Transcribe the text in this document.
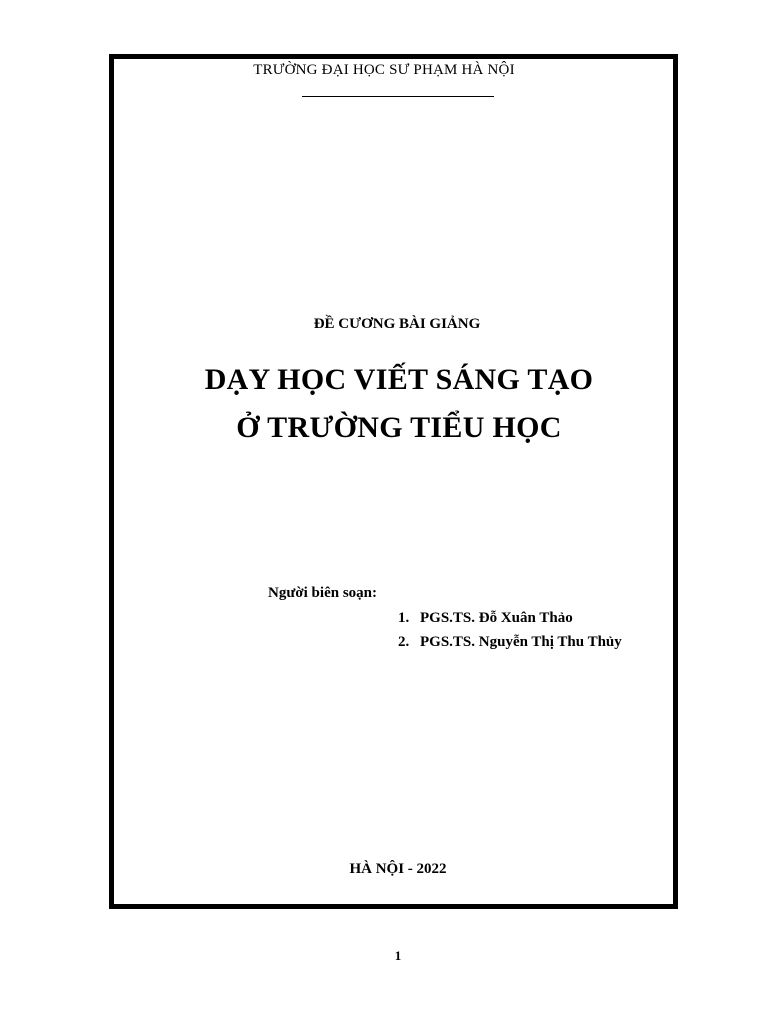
TRƯỜNG ĐẠI HỌC SƯ PHẠM HÀ NỘI
ĐỀ CƯƠNG BÀI GIẢNG
DẠY HỌC VIẾT SÁNG TẠO
Ở TRƯỜNG TIỂU HỌC
Người biên soạn:
1. PGS.TS. Đỗ Xuân Thảo
2. PGS.TS. Nguyễn Thị Thu Thủy
HÀ NỘI - 2022
1
